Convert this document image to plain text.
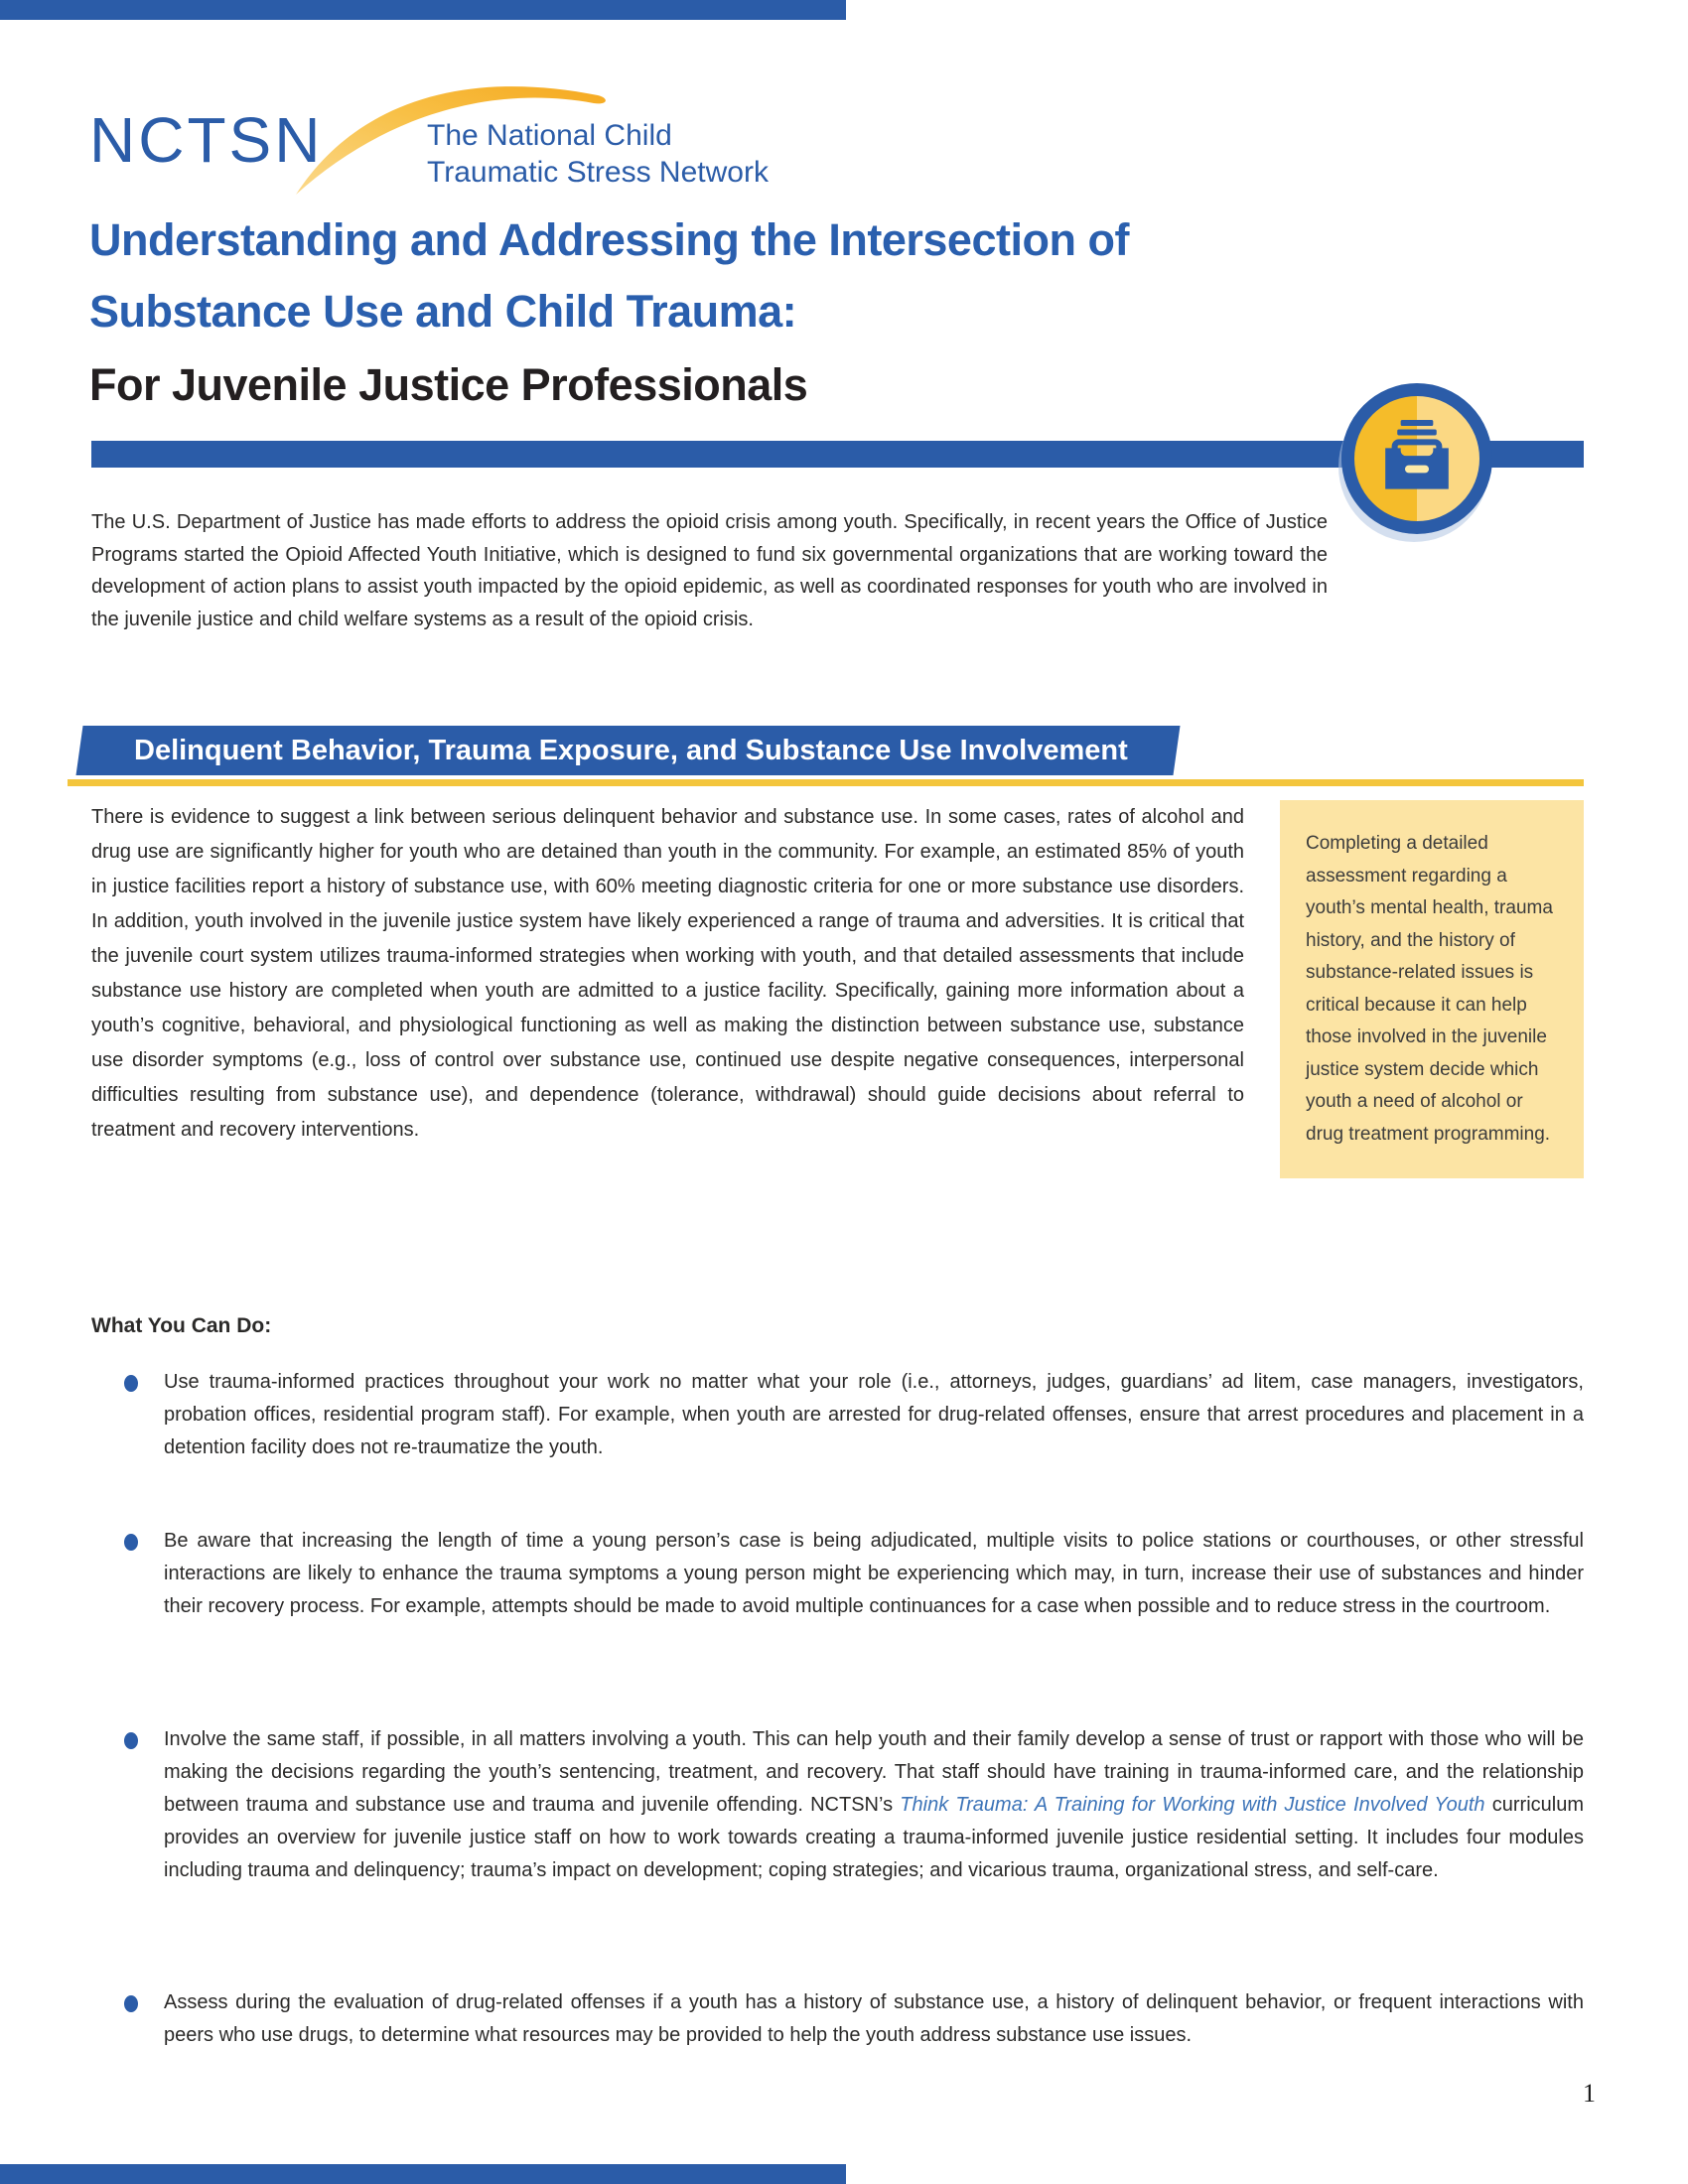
NCTSN	The National Child
Traumatic Stress Network
Understanding and Addressing the Intersection of
Substance Use and Child Trauma:
For Juvenile Justice Professionals

The U.S. Department of Justice has made efforts to address the opioid crisis among youth. Specifically, in recent years the Office of Justice Programs started the Opioid Affected Youth Initiative, which is designed to fund six governmental organizations that are working toward the development of action plans to assist youth impacted by the opioid epidemic, as well as coordinated responses for youth who are involved in the juvenile justice and child welfare systems as a result of the opioid crisis.

Delinquent Behavior, Trauma Exposure, and Substance Use Involvement
Completing a detailed assessment regarding a youth’s mental health, trauma history, and the history of substance-related issues is critical because it can help those involved in the juvenile justice system decide which youth a need of alcohol or drug treatment programming.
There is evidence to suggest a link between serious delinquent behavior and substance use. In some cases, rates of alcohol and drug use are significantly higher for youth who are detained than youth in the community. For example, an estimated 85% of youth in justice facilities report a history of substance use, with 60% meeting diagnostic criteria for one or more substance use disorders. In addition, youth involved in the juvenile justice system have likely experienced a range of trauma and adversities. It is critical that the juvenile court system utilizes trauma-informed strategies when working with youth, and that detailed assessments that include substance use history are completed when youth are admitted to a justice facility. Specifically, gaining more information about a youth’s cognitive, behavioral, and physiological functioning as well as making the distinction between substance use, substance use disorder symptoms (e.g., loss of control over substance use, continued use despite negative consequences, interpersonal difficulties resulting from substance use), and dependence (tolerance, withdrawal) should guide decisions about referral to treatment and recovery interventions.
What You Can Do:
Use trauma-informed practices throughout your work no matter what your role (i.e., attorneys, judges, guardians’ ad litem, case managers, investigators, probation offices, residential program staff). For example, when youth are arrested for drug-related offenses, ensure that arrest procedures and placement in a detention facility does not re-traumatize the youth.
Be aware that increasing the length of time a young person’s case is being adjudicated, multiple visits to police stations or courthouses, or other stressful interactions are likely to enhance the trauma symptoms a young person might be experiencing which may, in turn, increase their use of substances and hinder their recovery process. For example, attempts should be made to avoid multiple continuances for a case when possible and to reduce stress in the courtroom.
Involve the same staff, if possible, in all matters involving a youth. This can help youth and their family develop a sense of trust or rapport with those who will be making the decisions regarding the youth’s sentencing, treatment, and recovery. That staff should have training in trauma-informed care, and the relationship between trauma and substance use and trauma and juvenile offending. NCTSN’s Think Trauma: A Training for Working with Justice Involved Youth curriculum provides an overview for juvenile justice staff on how to work towards creating a trauma-informed juvenile justice residential setting. It includes four modules including trauma and delinquency; trauma’s impact on development; coping strategies; and vicarious trauma, organizational stress, and self-care.
Assess during the evaluation of drug-related offenses if a youth has a history of substance use, a history of delinquent behavior, or frequent interactions with peers who use drugs, to determine what resources may be provided to help the youth address substance use issues.
1
